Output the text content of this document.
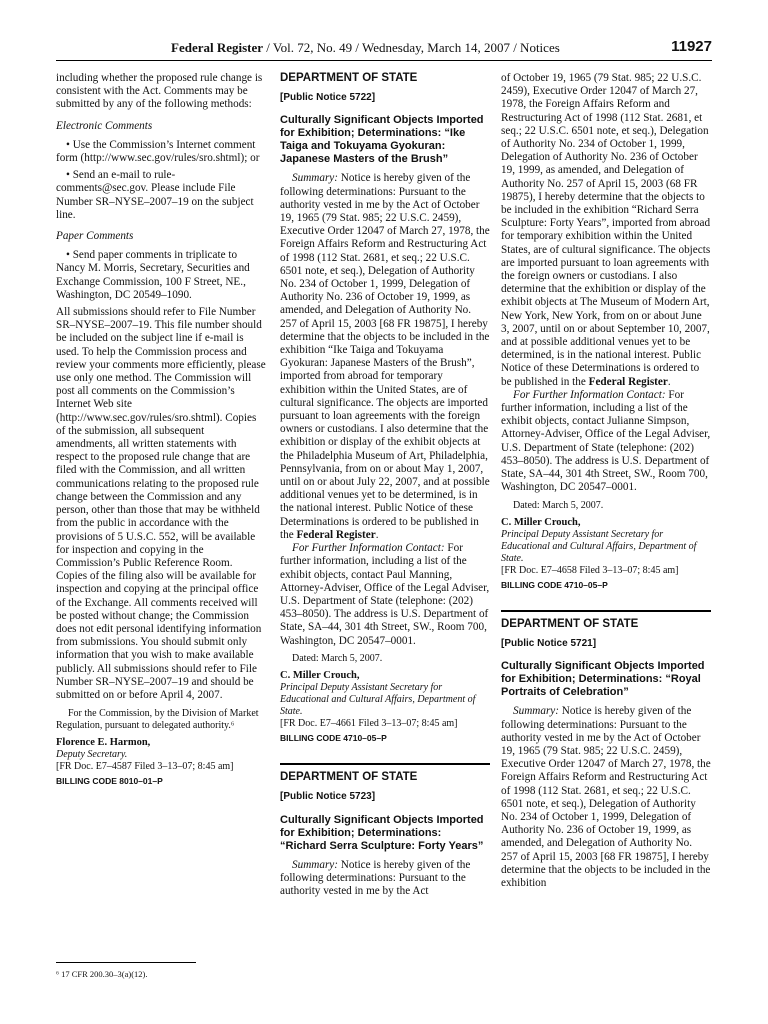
Federal Register / Vol. 72, No. 49 / Wednesday, March 14, 2007 / Notices	11927

including whether the proposed rule change is consistent with the Act. Comments may be submitted by any of the following methods:

Electronic Comments

• Use the Commission’s Internet comment form (http://www.sec.gov/rules/sro.shtml); or

• Send an e-mail to rule-comments@sec.gov. Please include File Number SR–NYSE–2007–19 on the subject line.

Paper Comments

• Send paper comments in triplicate to Nancy M. Morris, Secretary, Securities and Exchange Commission, 100 F Street, NE., Washington, DC 20549–1090.

All submissions should refer to File Number SR–NYSE–2007–19. This file number should be included on the subject line if e-mail is used. To help the Commission process and review your comments more efficiently, please use only one method. The Commission will post all comments on the Commission’s Internet Web site (http://www.sec.gov/rules/sro.shtml). Copies of the submission, all subsequent amendments, all written statements with respect to the proposed rule change that are filed with the Commission, and all written communications relating to the proposed rule change between the Commission and any person, other than those that may be withheld from the public in accordance with the provisions of 5 U.S.C. 552, will be available for inspection and copying in the Commission’s Public Reference Room. Copies of the filing also will be available for inspection and copying at the principal office of the Exchange. All comments received will be posted without change; the Commission does not edit personal identifying information from submissions. You should submit only information that you wish to make available publicly. All submissions should refer to File Number SR–NYSE–2007–19 and should be submitted on or before April 4, 2007.

For the Commission, by the Division of Market Regulation, pursuant to delegated authority.⁶

Florence E. Harmon,

Deputy Secretary.

[FR Doc. E7–4587 Filed 3–13–07; 8:45 am]

BILLING CODE 8010–01–P

⁶ 17 CFR 200.30–3(a)(12).
DEPARTMENT OF STATE
[Public Notice 5722]
Culturally Significant Objects Imported for Exhibition; Determinations: “Ike Taiga and Tokuyama Gyokuran: Japanese Masters of the Brush”

Summary: Notice is hereby given of the following determinations: Pursuant to the authority vested in me by the Act of October 19, 1965 (79 Stat. 985; 22 U.S.C. 2459), Executive Order 12047 of March 27, 1978, the Foreign Affairs Reform and Restructuring Act of 1998 (112 Stat. 2681, et seq.; 22 U.S.C. 6501 note, et seq.), Delegation of Authority No. 234 of October 1, 1999, Delegation of Authority No. 236 of October 19, 1999, as amended, and Delegation of Authority No. 257 of April 15, 2003 [68 FR 19875], I hereby determine that the objects to be included in the exhibition “Ike Taiga and Tokuyama Gyokuran: Japanese Masters of the Brush”, imported from abroad for temporary exhibition within the United States, are of cultural significance. The objects are imported pursuant to loan agreements with the foreign owners or custodians. I also determine that the exhibition or display of the exhibit objects at the Philadelphia Museum of Art, Philadelphia, Pennsylvania, from on or about May 1, 2007, until on or about July 22, 2007, and at possible additional venues yet to be determined, is in the national interest. Public Notice of these Determinations is ordered to be published in the Federal Register.

For Further Information Contact: For further information, including a list of the exhibit objects, contact Paul Manning, Attorney-Adviser, Office of the Legal Adviser, U.S. Department of State (telephone: (202) 453–8050). The address is U.S. Department of State, SA–44, 301 4th Street, SW., Room 700, Washington, DC 20547–0001.

Dated: March 5, 2007.

C. Miller Crouch,

Principal Deputy Assistant Secretary for Educational and Cultural Affairs, Department of State.

[FR Doc. E7–4661 Filed 3–13–07; 8:45 am]

BILLING CODE 4710–05–P

DEPARTMENT OF STATE
[Public Notice 5723]
Culturally Significant Objects Imported for Exhibition; Determinations: “Richard Serra Sculpture: Forty Years”

Summary: Notice is hereby given of the following determinations: Pursuant to the authority vested in me by the Act

of October 19, 1965 (79 Stat. 985; 22 U.S.C. 2459), Executive Order 12047 of March 27, 1978, the Foreign Affairs Reform and Restructuring Act of 1998 (112 Stat. 2681, et seq.; 22 U.S.C. 6501 note, et seq.), Delegation of Authority No. 234 of October 1, 1999, Delegation of Authority No. 236 of October 19, 1999, as amended, and Delegation of Authority No. 257 of April 15, 2003 (68 FR 19875), I hereby determine that the objects to be included in the exhibition “Richard Serra Sculpture: Forty Years”, imported from abroad for temporary exhibition within the United States, are of cultural significance. The objects are imported pursuant to loan agreements with the foreign owners or custodians. I also determine that the exhibition or display of the exhibit objects at The Museum of Modern Art, New York, New York, from on or about June 3, 2007, until on or about September 10, 2007, and at possible additional venues yet to be determined, is in the national interest. Public Notice of these Determinations is ordered to be published in the Federal Register.

For Further Information Contact: For further information, including a list of the exhibit objects, contact Julianne Simpson, Attorney-Adviser, Office of the Legal Adviser, U.S. Department of State (telephone: (202) 453–8050). The address is U.S. Department of State, SA–44, 301 4th Street, SW., Room 700, Washington, DC 20547–0001.

Dated: March 5, 2007.

C. Miller Crouch,

Principal Deputy Assistant Secretary for Educational and Cultural Affairs, Department of State.

[FR Doc. E7–4658 Filed 3–13–07; 8:45 am]

BILLING CODE 4710–05–P

DEPARTMENT OF STATE
[Public Notice 5721]
Culturally Significant Objects Imported for Exhibition; Determinations: “Royal Portraits of Celebration”

Summary: Notice is hereby given of the following determinations: Pursuant to the authority vested in me by the Act of October 19, 1965 (79 Stat. 985; 22 U.S.C. 2459), Executive Order 12047 of March 27, 1978, the Foreign Affairs Reform and Restructuring Act of 1998 (112 Stat. 2681, et seq.; 22 U.S.C. 6501 note, et seq.), Delegation of Authority No. 234 of October 1, 1999, Delegation of Authority No. 236 of October 19, 1999, as amended, and Delegation of Authority No. 257 of April 15, 2003 [68 FR 19875], I hereby determine that the objects to be included in the exhibition
